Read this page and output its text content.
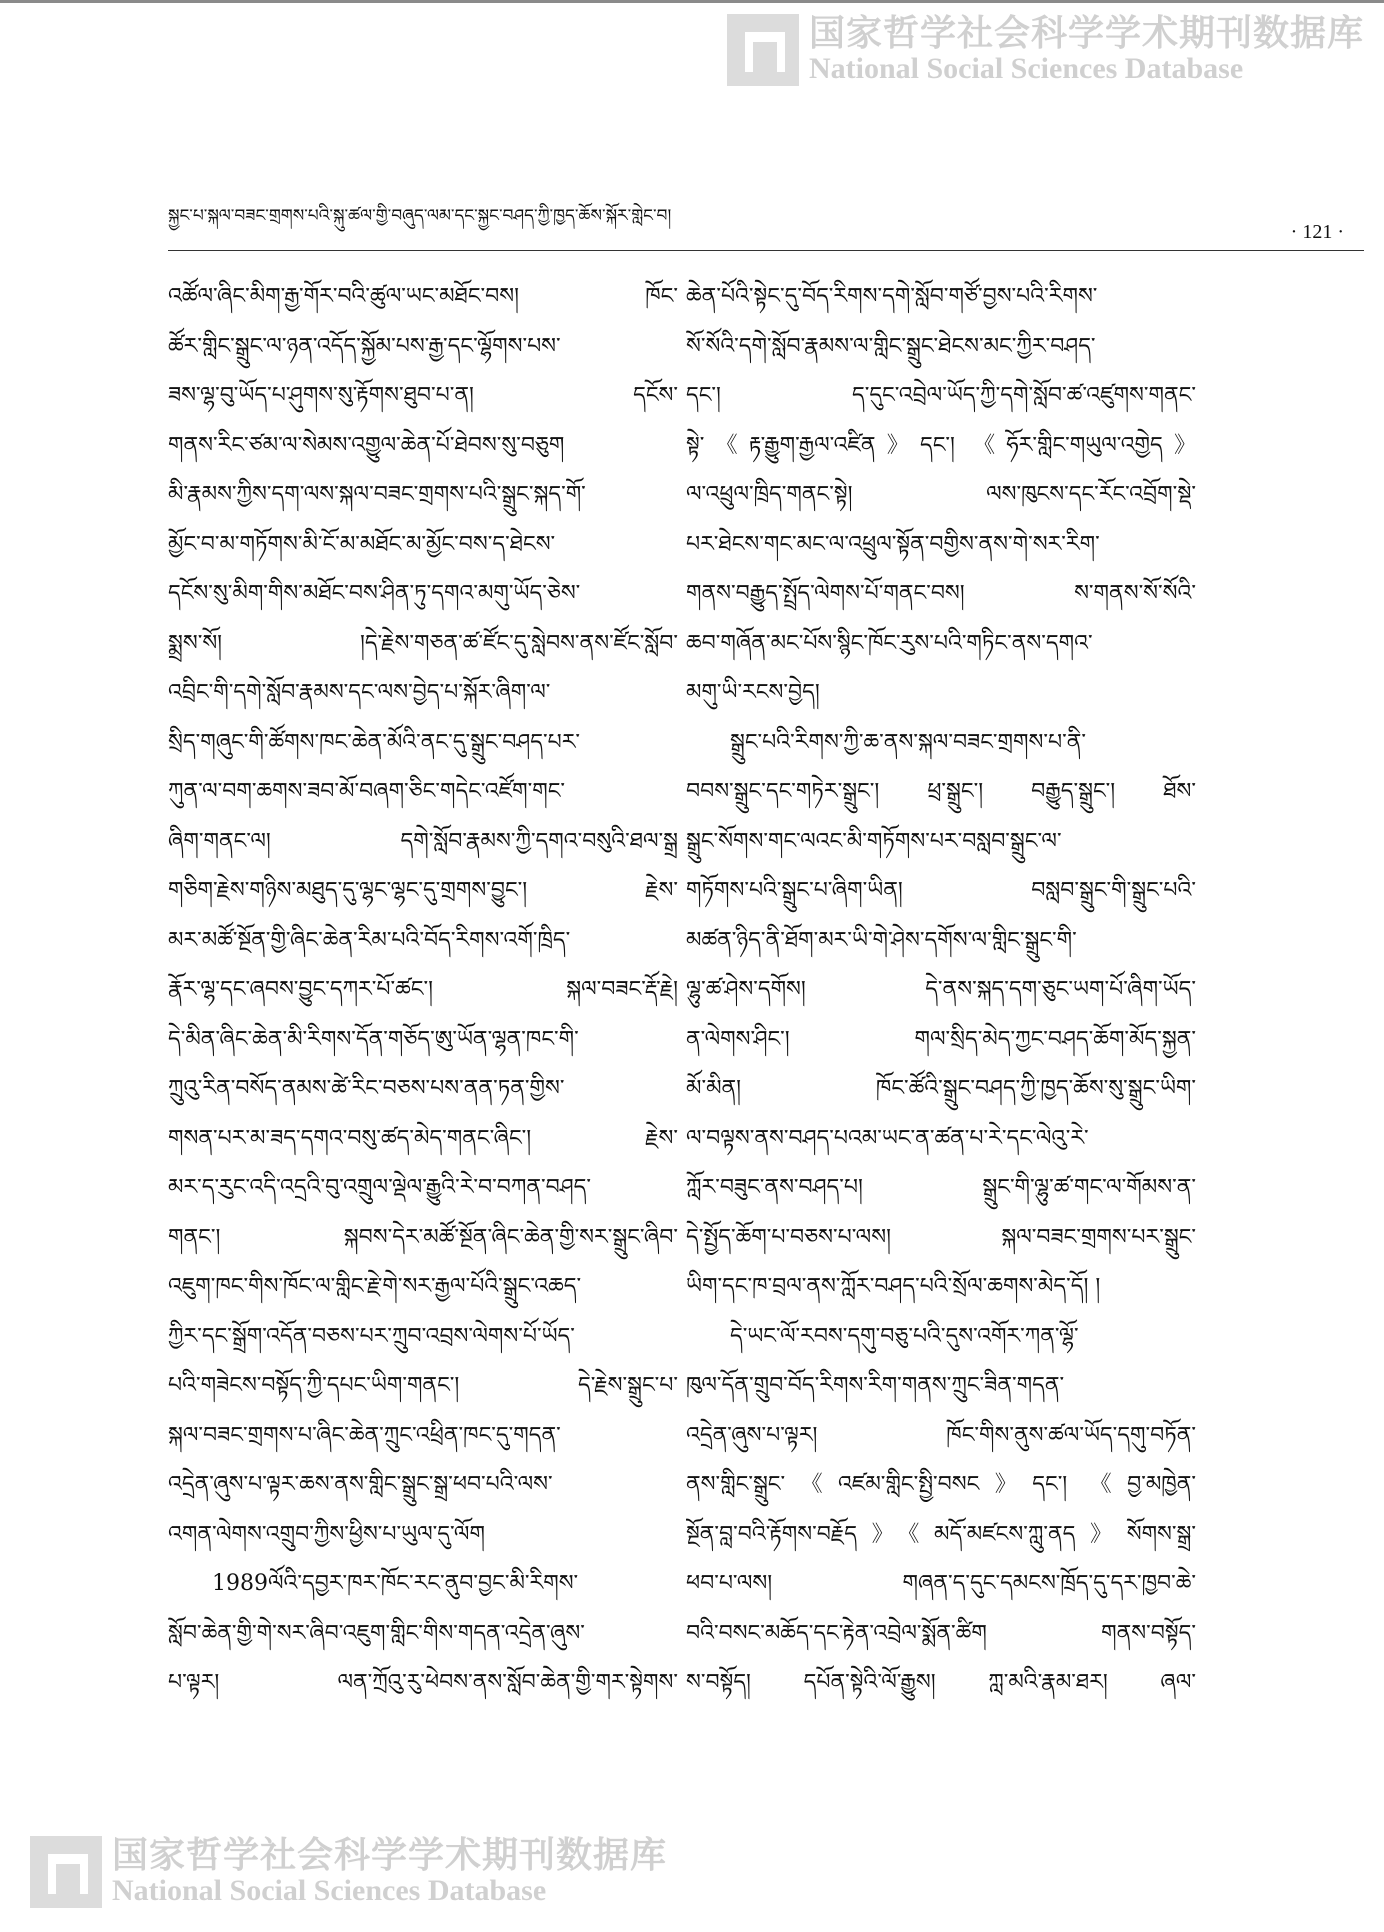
国家哲学社会科学学术期刊数据库
National Social Sciences Database
སྐྱང་པ་སྐལ་བཟང་གྲགས་པའི་སྐུ་ཚལ་གྱི་བཞུད་ལམ་དང་སྐྱང་བཤད་ཀྱི་ཁྱད་ཆོས་སྐོར་གླེང་བ།
· 121 ·
འཚོལ་ཞིང་མིག་རྒྱ་གོར་བའི་ཚུལ་ཡང་མཐོང་བས། ཁོང་
ཚོར་གླིང་སྒྲུང་ལ་ཉན་འདོད་སྐྱོམ་པས་རྒྱ་དང་ལྷོགས་པས་
ཟས་ལྷ་བུ་ཡོད་པ་ཤུགས་སུ་རྟོགས་ཐུབ་པ་ན། དངོས་
གནས་རིང་ཙམ་ལ་སེམས་འགྱུལ་ཆེན་པོ་ཐེབས་སུ་བཅུག
མི་རྣམས་ཀྱིས་དག་ལས་སྐལ་བཟང་གྲགས་པའི་སྒྲུང་སྐད་གོ་
མྱོང་བ་མ་གཏོགས་མི་ངོ་མ་མཐོང་མ་མྱོང་བས་ད་ཐེངས་
དངོས་སུ་མིག་གིས་མཐོང་བས་ཤིན་ཏུ་དགའ་མགུ་ཡོད་ཅེས་
སྨྲས་སོ། །དེ་རྗེས་གཅན་ཚ་ཛོང་དུ་སླེབས་ནས་ཛོང་སློབ་
འབྲིང་གི་དགེ་སློབ་རྣམས་དང་ལས་བྱེད་པ་སྐོར་ཞིག་ལ་
སྲིད་གཞུང་གི་ཚོགས་ཁང་ཆེན་མོའི་ནང་དུ་སྒྲུང་བཤད་པར་
ཀུན་ལ་བག་ཆགས་ཟབ་མོ་བཞག་ཅིང་གདེང་འཛོག་གང་
ཞིག་གནང་ལ། དགེ་སློབ་རྣམས་ཀྱི་དགའ་བསུའི་ཐལ་སྒྲ
གཅིག་རྗེས་གཉིས་མཐུད་དུ་ལྷང་ལྷང་དུ་གྲགས་བྱུང་། རྗེས་
མར་མཚོ་སྔོན་གྱི་ཞིང་ཆེན་རིམ་པའི་བོད་རིགས་འགོ་ཁྲིད་
རྣོར་ལྷ་དང་ཞབས་བྱུང་དཀར་པོ་ཚང་། སྐལ་བཟང་རྡོ་རྗེ།
དེ་མིན་ཞིང་ཆེན་མི་རིགས་དོན་གཅོད་ཨུ་ཡོན་ལྷན་ཁང་གི་
ཀྲུའུ་རིན་བསོད་ནམས་ཚེ་རིང་བཅས་པས་ནན་ཏན་གྱིས་
གསན་པར་མ་ཟད་དགའ་བསུ་ཚད་མེད་གནང་ཞིང་། རྗེས་
མར་ད་ཪུང་འདི་འདྲའི་བུ་འགྲུལ་ལྡེལ་རྒྱུའི་རེ་བ་བཀན་བཤད་
གནང་། སྐབས་དེར་མཚོ་སྔོན་ཞིང་ཆེན་གྱི་སར་སྒྲུང་ཞིབ་
འཇུག་ཁང་གིས་ཁོང་ལ་གླིང་རྗེ་གེ་སར་རྒྱལ་པོའི་སྒྲུང་འཆད་
ཀྱིར་དང་སྒྲོག་འདོན་བཅས་པར་ཀྲུབ་འབྲས་ལེགས་པོ་ཡོད་
པའི་གཟེངས་བསྟོད་ཀྱི་དཔང་ཡིག་གནང་། དེ་རྗེས་སྒྲུང་པ་
སྐལ་བཟང་གྲགས་པ་ཞིང་ཆེན་ཀྲུང་འཕྲིན་ཁང་དུ་གདན་
འདྲེན་ཞུས་པ་ལྟར་ཆས་ནས་གླིང་སྒྲུང་སྒྲ་ཕབ་པའི་ལས་
འགན་ལེགས་འགྲུབ་ཀྱིས་ཕྱིས་པ་ཡུལ་དུ་ལོག
1989ལོའི་དབྱར་ཁར་ཁོང་རང་ནུབ་བྱང་མི་རིགས་
སློབ་ཆེན་གྱི་གེ་སར་ཞིབ་འཇུག་གླིང་གིས་གདན་འདྲེན་ཞུས་
པ་ལྟར། ལན་ཀྲོའུ་རུ་ཕེབས་ནས་སློབ་ཆེན་གྱི་གར་སྟེགས་
ཆེན་པོའི་སྟེང་དུ་བོད་རིགས་དགེ་སློབ་གཙོ་བྱས་པའི་རིགས་
སོ་སོའི་དགེ་སློབ་རྣམས་ལ་གླིང་སྒྲུང་ཐེངས་མང་ཀྱིར་བཤད་
དང་། ད་དུང་འབྲེལ་ཡོད་ཀྱི་དགེ་སློབ་ཚ་འཛུགས་གནང་
སྟེ་《རྟ་རྒྱུག་རྒྱལ་འཛིན》དང་། 《ཧོར་གླིང་གཡུལ་འགྱེད》
ལ་འཕྲུལ་ཁྲིད་གནང་སྟེ། ལས་ཁུངས་དང་རོང་འབྲོག་སྡེ་
པར་ཐེངས་གང་མང་ལ་འཕྲུལ་སྟོན་བགྱིས་ནས་གེ་སར་རིག་
གནས་བརྒྱུད་སྤྲོད་ལེགས་པོ་གནང་བས། ས་གནས་སོ་སོའི་
ཆབ་གཞོན་མང་པོས་སྙིང་ཁོང་ཪུས་པའི་གཏིང་ནས་དགའ་
མགུ་ཡི་རངས་བྱེད།
སྒྲུང་པའི་རིགས་ཀྱི་ཆ་ནས་སྐལ་བཟང་གྲགས་པ་ནི་
བབས་སྒྲུང་དང་གཏེར་སྒྲུང་། ཕྲ་སྒྲུང་། བརྒྱུད་སྒྲུང་། ཐོས་
སྒྲུང་སོགས་གང་ལའང་མི་གཏོགས་པར་བསླབ་སྒྲུང་ལ་
གཏོགས་པའི་སྒྲུང་པ་ཞིག་ཡིན། བསླབ་སྒྲུང་གི་སྒྲུང་པའི་
མཚན་ཉིད་ནི་ཐོག་མར་ཡི་གེ་ཤེས་དགོས་ལ་གླིང་སྒྲུང་གི་
ལྷུ་ཚ་ཤེས་དགོས། དེ་ནས་སྐད་དག་ཅུང་ཡག་པོ་ཞིག་ཡོད་
ན་ལེགས་ཤིང་། གལ་སྲིད་མེད་ཀྱང་བཤད་ཆོག་མོད་སྐྱན་
མོ་མིན། ཁོང་ཚོའི་སྒྲུང་བཤད་ཀྱི་ཁྱད་ཆོས་སུ་སྒྲུང་ཡིག་
ལ་བལྟས་ནས་བཤད་པའམ་ཡང་ན་ཚན་པ་རེ་དང་ལེའུ་རེ་
ཀློར་བཟུང་ནས་བཤད་པ། སྒྲུང་གི་ལྷུ་ཚ་གང་ལ་གོམས་ན་
དེ་སྤྱོད་ཆོག་པ་བཅས་པ་ལས། སྐལ་བཟང་གྲགས་པར་སྒྲུང་
ཡིག་དང་ཁ་བྲལ་ནས་ཀློར་བཤད་པའི་སྲོལ་ཆགས་མེད་དོ། །
དེ་ཡང་ལོ་རབས་དགུ་བཅུ་པའི་དུས་འགོར་ཀན་ལྷོ་
ཁུལ་དོན་གྲུབ་བོད་རིགས་རིག་གནས་ཀྲུང་ཟིན་གདན་
འདྲེན་ཞུས་པ་ལྟར། ཁོང་གིས་ནུས་ཚལ་ཡོད་དགུ་བཏོན་
ནས་གླིང་སྒྲུང་《འཛམ་གླིང་སྤྱི་བསང》དང་། 《བྱ་མཁྱེན་
སྔོན་བླ་བའི་རྟོགས་བརྗོད》《མདོ་མཛངས་ཀླུ་ནད》སོགས་སྒྲ་
ཕབ་པ་ལས། གཞན་ད་དུང་དམངས་ཁྲོད་དུ་དར་ཁྱབ་ཆེ་
བའི་བསང་མཆོད་དང་རྟེན་འབྲེལ་སྨོན་ཚིག གནས་བསྟོད་
ས་བསྟོད། དཔོན་སྟེའི་ལོ་རྒྱུས། ཀླ་མའི་རྣམ་ཐར། ཞལ་
国家哲学社会科学学术期刊数据库
National Social Sciences Database
